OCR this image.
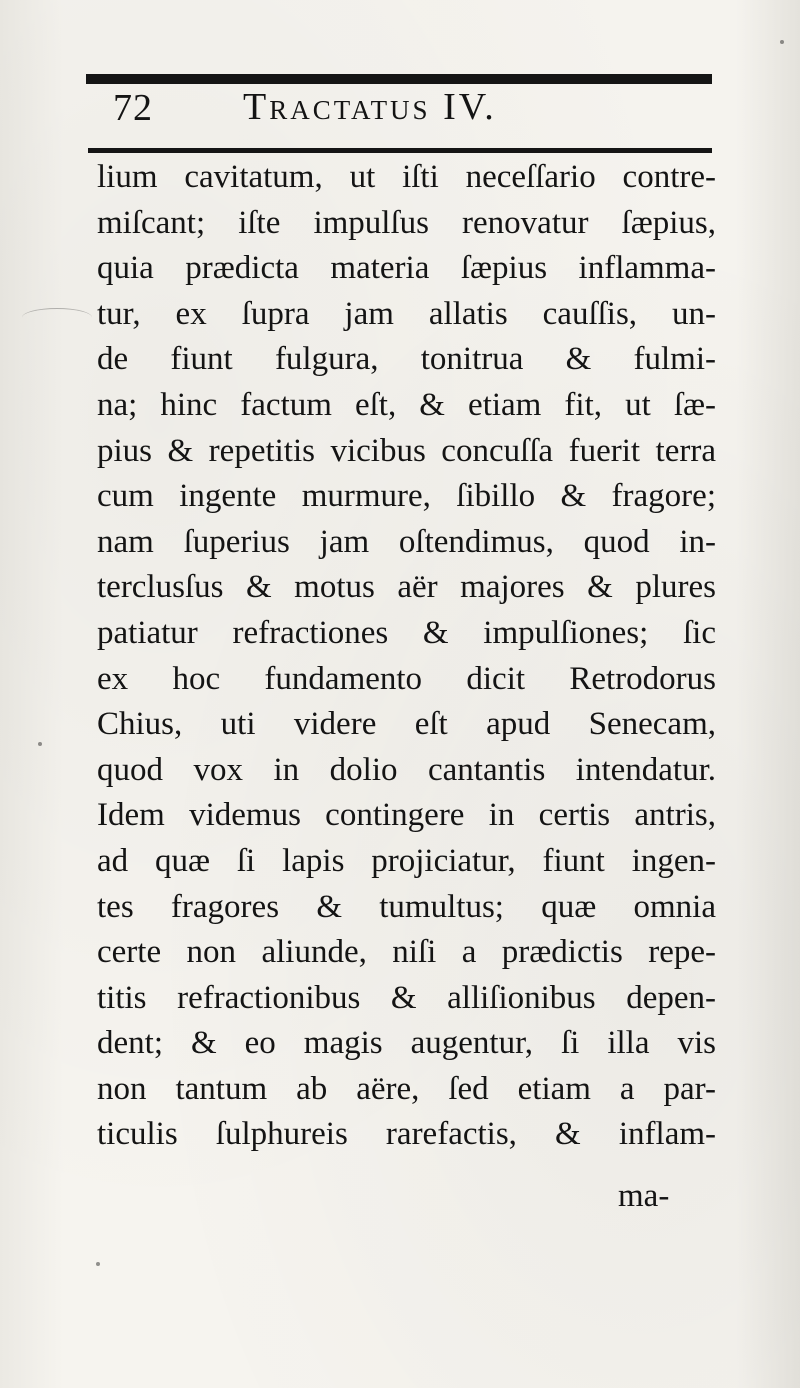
72 Tractatus IV.
lium cavitatum, ut iſti neceſſario contre-
miſcant; iſte impulſus renovatur ſæpius,
quia prædicta materia ſæpius inflamma-
tur, ex ſupra jam allatis cauſſis, un-
de fiunt fulgura, tonitrua & fulmi-
na; hinc factum eſt, & etiam fit, ut ſæ-
pius & repetitis vicibus concuſſa fuerit terra
cum ingente murmure, ſibillo & fragore;
nam ſuperius jam oſtendimus, quod in-
terclusſus & motus aër majores & plures
patiatur refractiones & impulſiones; ſic
ex hoc fundamento dicit Retrodorus
Chius, uti videre eſt apud Senecam,
quod vox in dolio cantantis intendatur.
Idem videmus contingere in certis antris,
ad quæ ſi lapis projiciatur, fiunt ingen-
tes fragores & tumultus; quæ omnia
certe non aliunde, niſi a prædictis repe-
titis refractionibus & alliſionibus depen-
dent; & eo magis augentur, ſi illa vis
non tantum ab aëre, ſed etiam a par-
ticulis ſulphureis rarefactis, & inflam-
ma-
